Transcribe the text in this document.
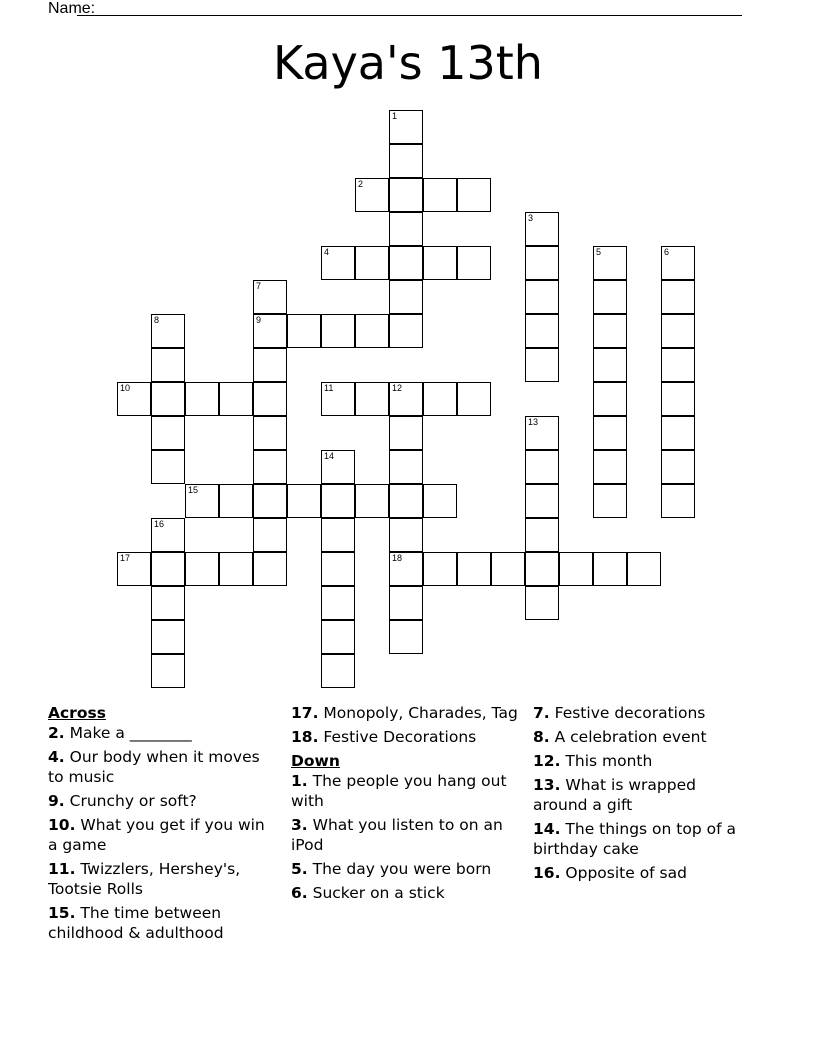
Name:
Kaya's 13th
1
2
3
4	5	6
7
9
8
10	11	12
18
13
14
15
16
17
Across
2. Make a ________
4. Our body when it moves to music
9. Crunchy or soft?
10. What you get if you win a game
11. Twizzlers, Hershey's, Tootsie Rolls
15. The time between childhood & adulthood
17. Monopoly, Charades, Tag
18. Festive Decorations
Down
1. The people you hang out with
3. What you listen to on an iPod
5. The day you were born
6. Sucker on a stick
7. Festive decorations
8. A celebration event
12. This month
13. What is wrapped around a gift
14. The things on top of a birthday cake
16. Opposite of sad
